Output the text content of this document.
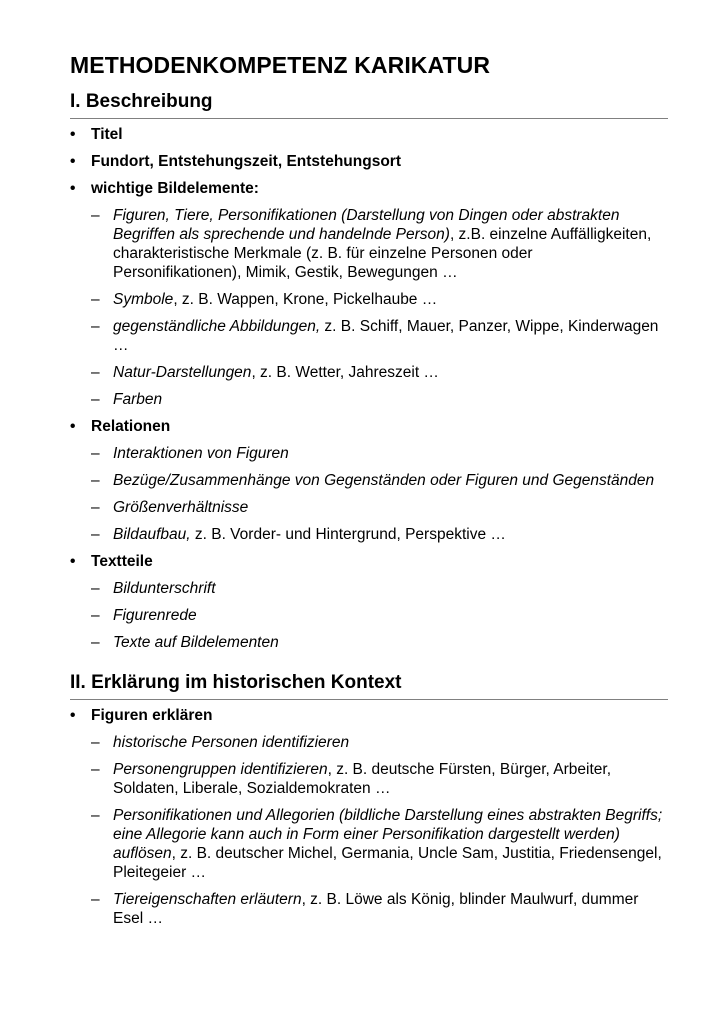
METHODENKOMPETENZ KARIKATUR
I. Beschreibung
• Titel
• Fundort, Entstehungszeit, Entstehungsort
• wichtige Bildelemente:
– Figuren, Tiere, Personifikationen (Darstellung von Dingen oder abstrakten Begriffen als sprechende und handelnde Person), z.B. einzelne Auffälligkeiten, charakteristische Merkmale (z. B. für einzelne Personen oder Personifikationen), Mimik, Gestik, Bewegungen …
– Symbole, z. B. Wappen, Krone, Pickelhaube …
– gegenständliche Abbildungen, z. B. Schiff, Mauer, Panzer, Wippe, Kinderwagen …
– Natur-Darstellungen, z. B. Wetter, Jahreszeit …
– Farben
• Relationen
– Interaktionen von Figuren
– Bezüge/Zusammenhänge von Gegenständen oder Figuren und Gegenständen
– Größenverhältnisse
– Bildaufbau, z. B. Vorder- und Hintergrund, Perspektive …
• Textteile
– Bildunterschrift
– Figurenrede
– Texte auf Bildelementen
II. Erklärung im historischen Kontext
• Figuren erklären
– historische Personen identifizieren
– Personengruppen identifizieren, z. B. deutsche Fürsten, Bürger, Arbeiter, Soldaten, Liberale, Sozialdemokraten …
– Personifikationen und Allegorien (bildliche Darstellung eines abstrakten Begriffs; eine Allegorie kann auch in Form einer Personifikation dargestellt werden) auflösen, z. B. deutscher Michel, Germania, Uncle Sam, Justitia, Friedensengel, Pleitegeier …
– Tiereigenschaften erläutern, z. B. Löwe als König, blinder Maulwurf, dummer Esel …
